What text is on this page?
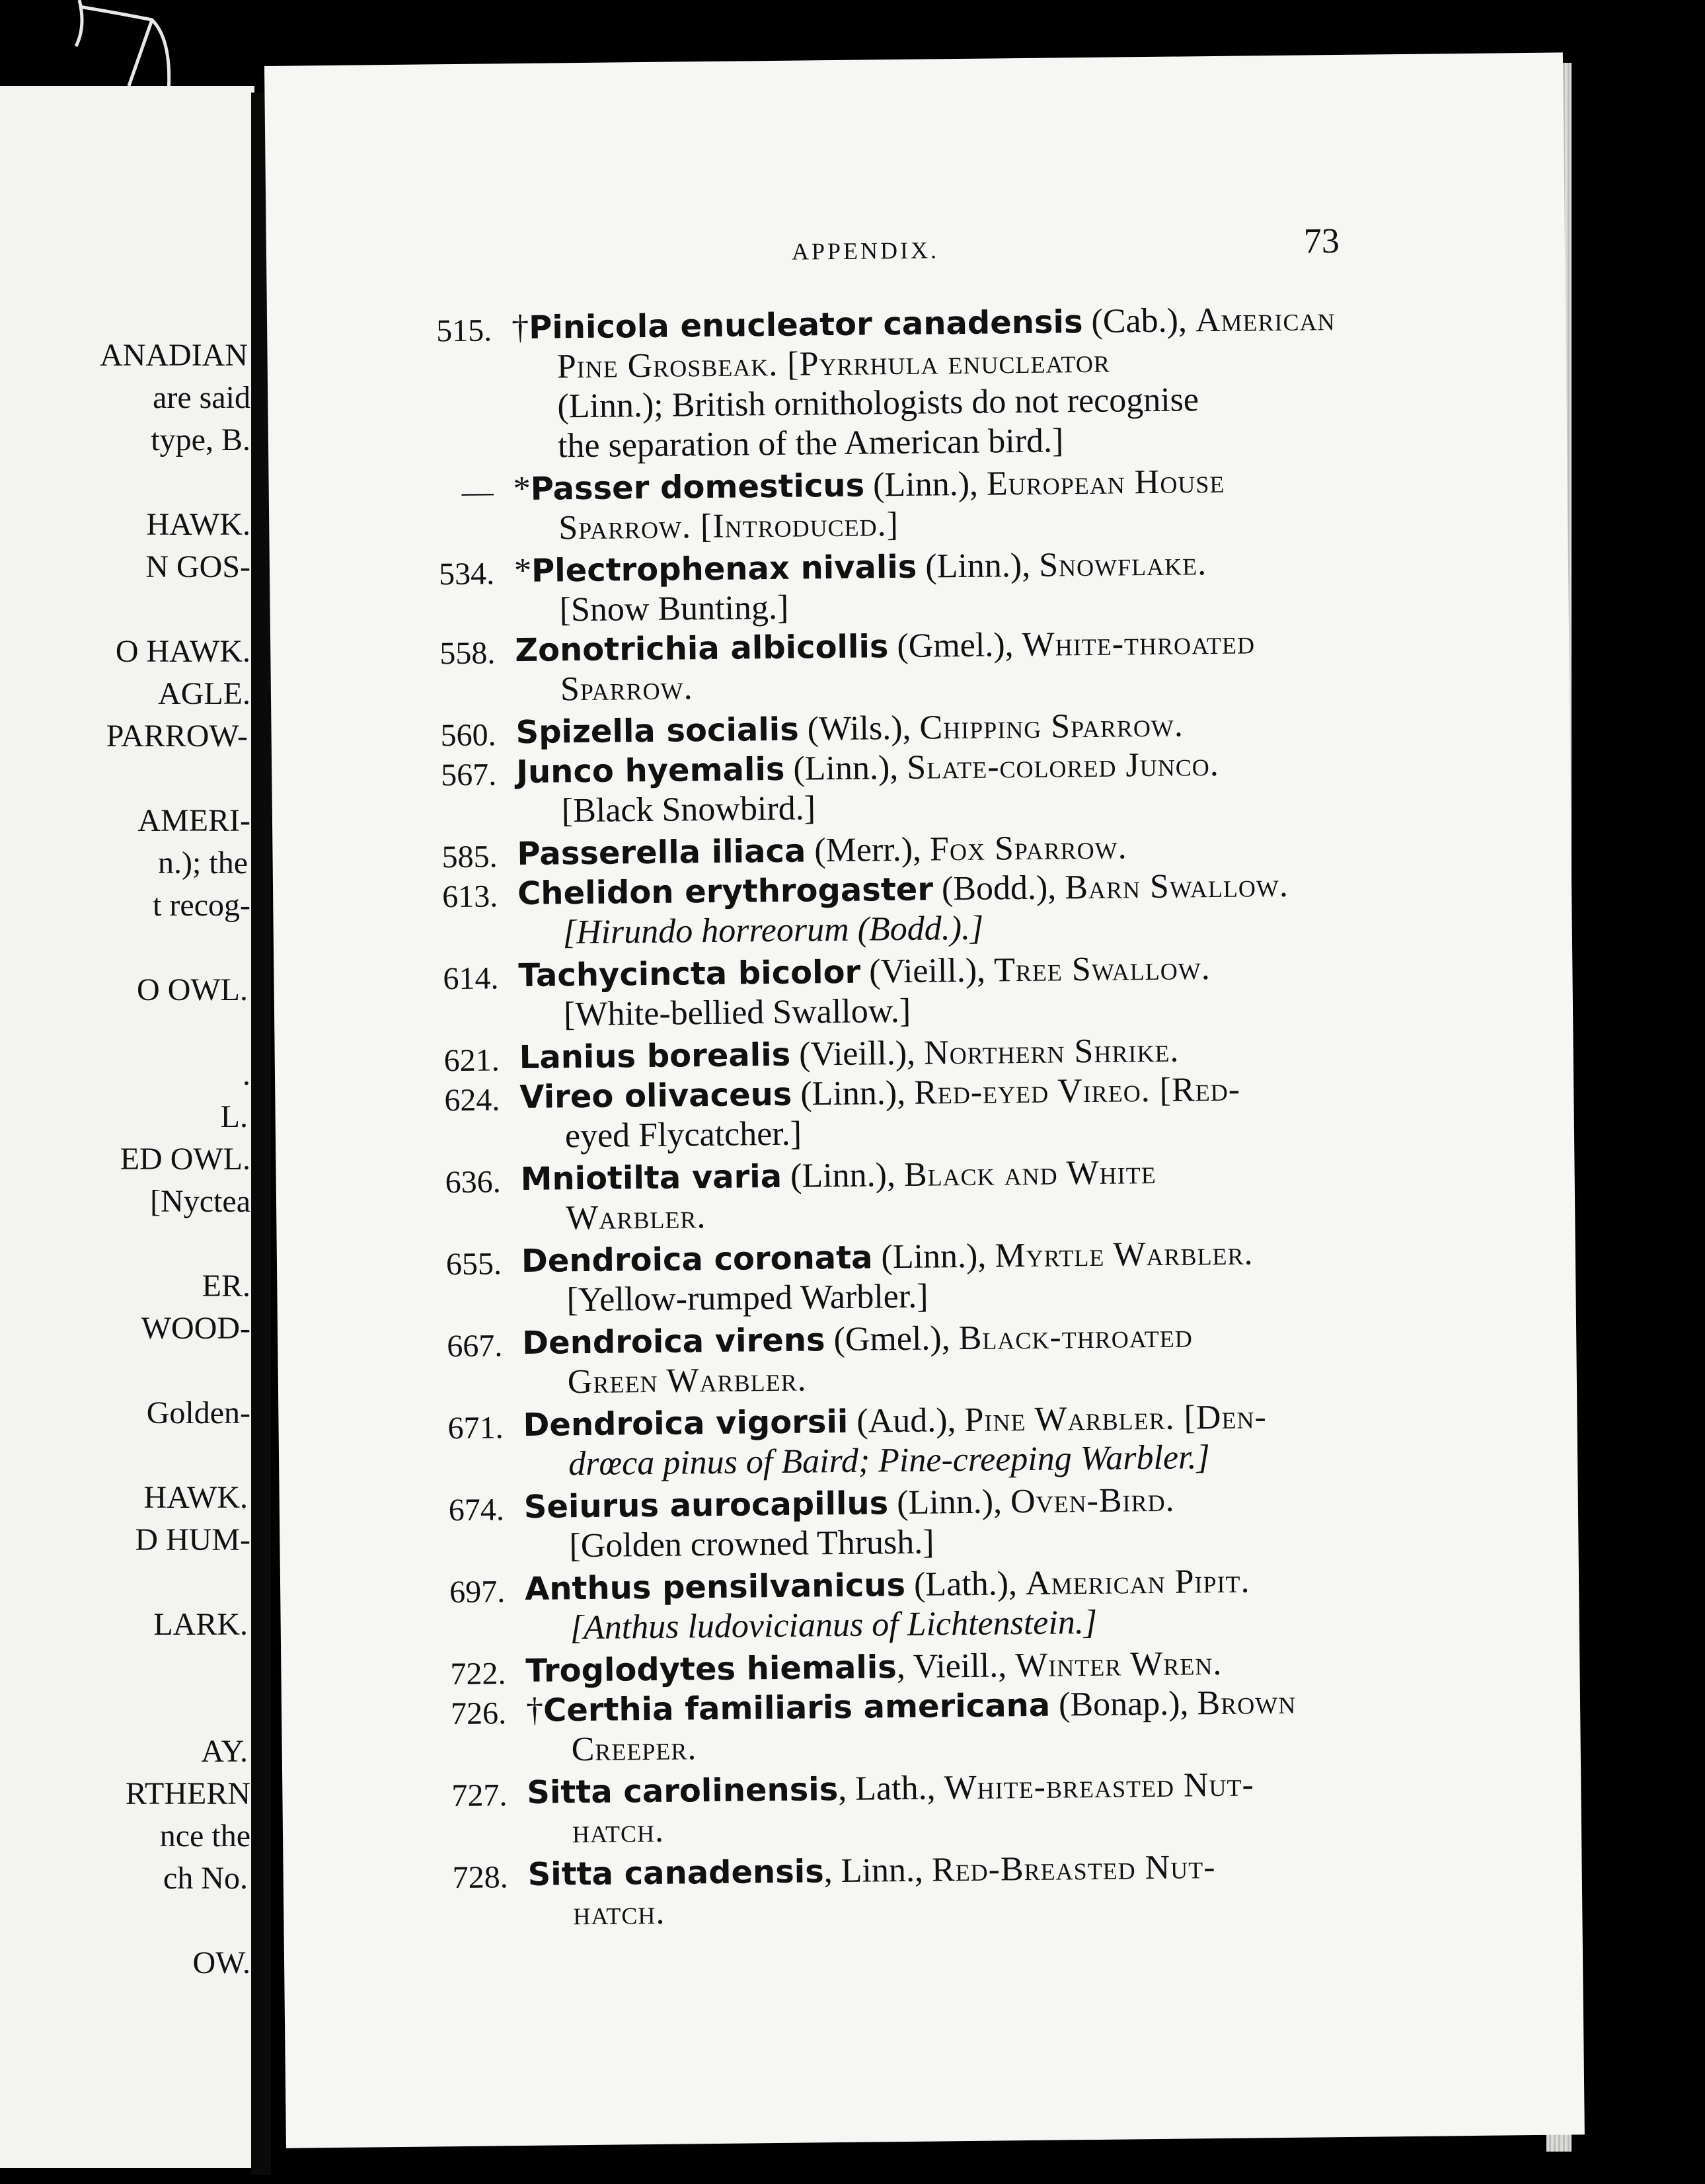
ANADIAN
are said
type, B.
HAWK.
N GOS-
O HAWK.
AGLE.
PARROW-
AMERI-
n.); the
t recog-
O OWL.
.
L.
ED OWL.
[Nyctea
ER.
WOOD-
Golden-
HAWK.
D HUM-
LARK.
AY.
RTHERN
nce the
ch No.
OW.
APPENDIX.	73
515. †Pinicola enucleator canadensis (Cab.), American
Pine Grosbeak. [Pyrrhula enucleator
(Linn.); British ornithologists do not recognise
the separation of the American bird.]
— *Passer domesticus (Linn.), European House
Sparrow. [Introduced.]
534. *Plectrophenax nivalis (Linn.), Snowflake.
[Snow Bunting.]
558. Zonotrichia albicollis (Gmel.), White-throated
Sparrow.
560. Spizella socialis (Wils.), Chipping Sparrow.
567. Junco hyemalis (Linn.), Slate-colored Junco.
[Black Snowbird.]
585. Passerella iliaca (Merr.), Fox Sparrow.
613. Chelidon erythrogaster (Bodd.), Barn Swallow.
[Hirundo horreorum (Bodd.).]
614. Tachycincta bicolor (Vieill.), Tree Swallow.
[White-bellied Swallow.]
621. Lanius borealis (Vieill.), Northern Shrike.
624. Vireo olivaceus (Linn.), Red-eyed Vireo. [Red-
eyed Flycatcher.]
636. Mniotilta varia (Linn.), Black and White
Warbler.
655. Dendroica coronata (Linn.), Myrtle Warbler.
[Yellow-rumped Warbler.]
667. Dendroica virens (Gmel.), Black-throated
Green Warbler.
671. Dendroica vigorsii (Aud.), Pine Warbler. [Den-
drœca pinus of Baird; Pine-creeping Warbler.]
674. Seiurus aurocapillus (Linn.), Oven-Bird.
[Golden crowned Thrush.]
697. Anthus pensilvanicus (Lath.), American Pipit.
[Anthus ludovicianus of Lichtenstein.]
722. Troglodytes hiemalis, Vieill., Winter Wren.
726. †Certhia familiaris americana (Bonap.), Brown
Creeper.
727. Sitta carolinensis, Lath., White-breasted Nut-
hatch.
728. Sitta canadensis, Linn., Red-Breasted Nut-
hatch.
